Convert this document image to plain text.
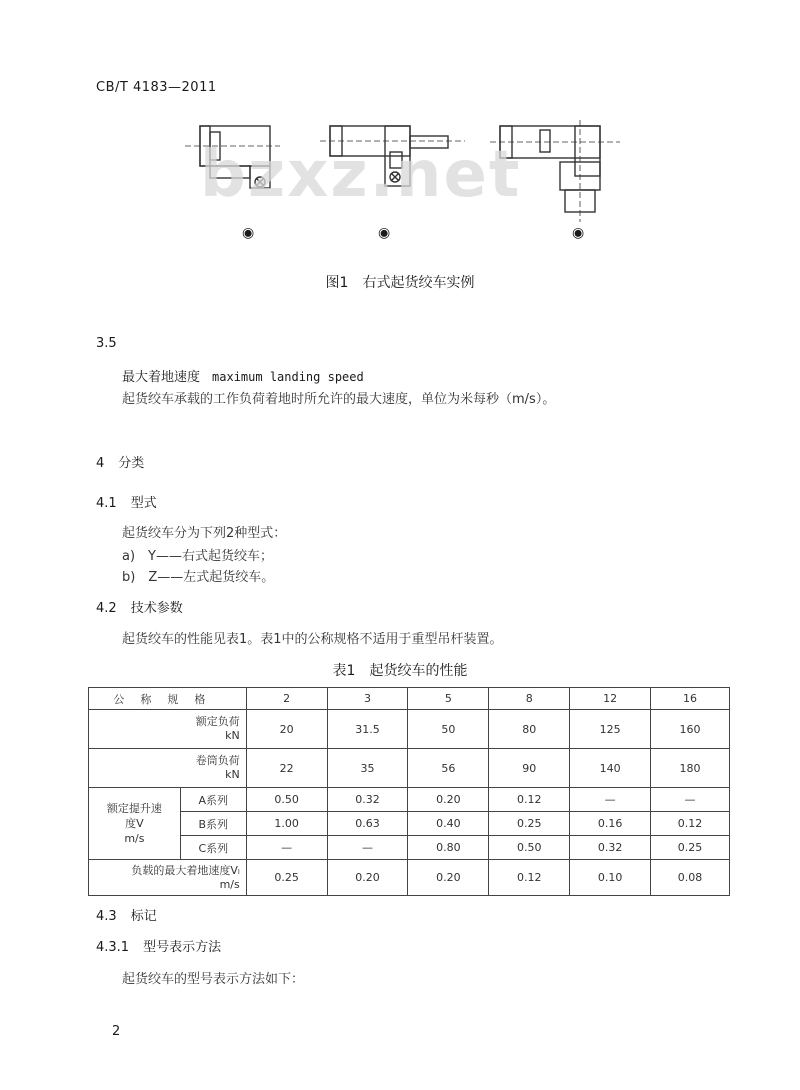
CB/T 4183—2011
bzxz.net
◉	◉	◉
图1　右式起货绞车实例
3.5
最大着地速度 maximum landing speed
起货绞车承载的工作负荷着地时所允许的最大速度，单位为米每秒（m/s）。
4 分类
4.1 型式
起货绞车分为下列2种型式：
a)　Y——右式起货绞车；
b)　Z——左式起货绞车。
4.2 技术参数
起货绞车的性能见表1。表1中的公称规格不适用于重型吊杆装置。
表1　起货绞车的性能
公称规格		2	3	5	8	12	16

额定负荷
kN		20	31.5	50	80	125	160

卷筒负荷
kN		22	35	56	90	140	180

额定提升速
度V
m/s	A系列	0.50	0.32	0.20	0.12	—	—
	B系列	1.00	0.63	0.40	0.25	0.16	0.12
	C系列	—	—	0.80	0.50	0.32	0.25

负载的最大着地速度Vₗ
m/s		0.25	0.20	0.20	0.12	0.10	0.08
4.3 标记
4.3.1 型号表示方法
起货绞车的型号表示方法如下：
2
